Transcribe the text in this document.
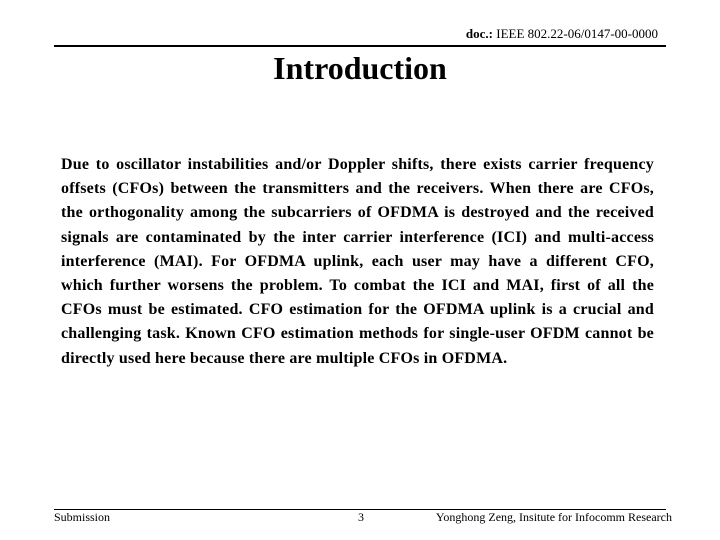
doc.: IEEE 802.22-06/0147-00-0000
Introduction

Due to oscillator instabilities and/or Doppler shifts, there exists carrier frequency offsets (CFOs) between the transmitters and the receivers. When there are CFOs, the orthogonality among the subcarriers of OFDMA is destroyed and the received signals are contaminated by the inter carrier interference (ICI) and multi-access interference (MAI). For OFDMA uplink, each user may have a different CFO, which further worsens the problem. To combat the ICI and MAI, first of all the CFOs must be estimated. CFO estimation for the OFDMA uplink is a crucial and challenging task. Known CFO estimation methods for single-user OFDM cannot be directly used here because there are multiple CFOs in OFDMA.

Submission	3	Yonghong Zeng, Insitute for Infocomm Research
